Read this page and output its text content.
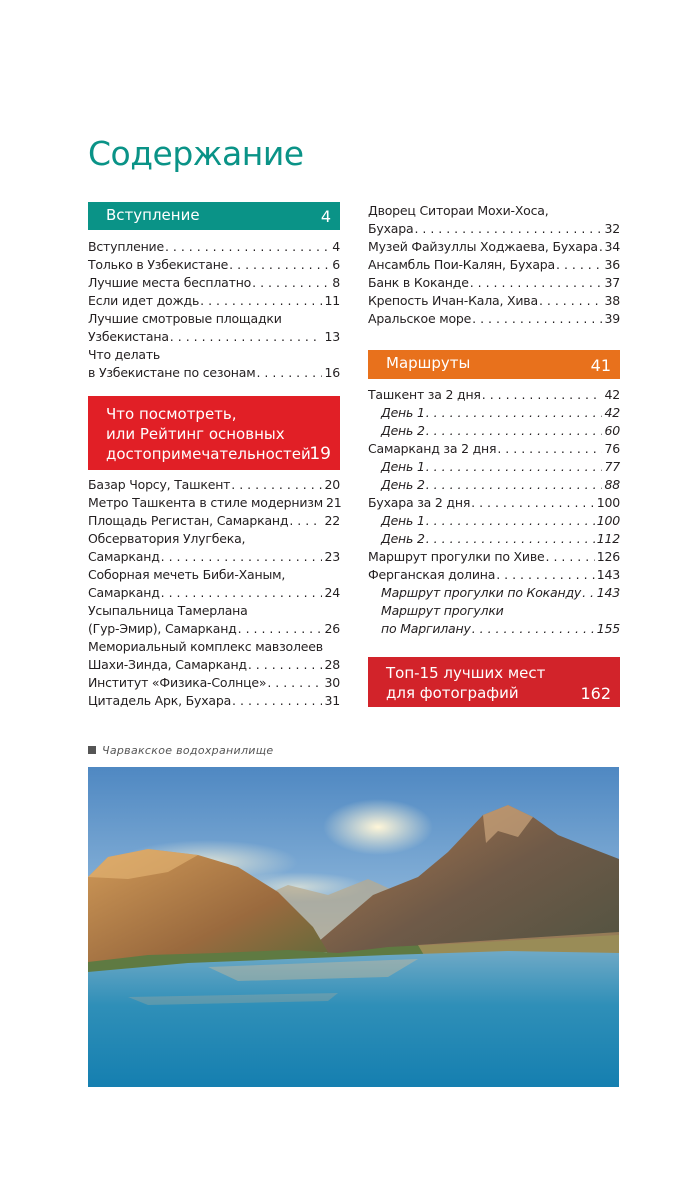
Содержание
Вступление	4
Вступление . . .	4
Только в Узбекистане . . .	6
Лучшие места бесплатно . . .	8
Если идет дождь . . .	11
Лучшие смотровые площадки
Узбекистана . . .	13
Что делать
в Узбекистане по сезонам . . .	16
Что посмотреть,
или Рейтинг основных
достопримечательностей
19
Базар Чорсу, Ташкент . . .	20
Метро Ташкента в стиле модернизм 21
Площадь Регистан, Самарканд . . .	22
Обсерватория Улугбека,
Самарканд . . .	23
Соборная мечеть Биби-Ханым,
Самарканд . . .	24
Усыпальница Тамерлана
(Гур-Эмир), Самарканд . . .	26
Мемориальный комплекс мавзолеев
Шахи-Зинда, Самарканд . . .	28
Институт «Физика-Солнце» . . .	30
Цитадель Арк, Бухара . . .	31
Дворец Ситораи Мохи-Хоса,
Бухара . . .	32
Музей Файзуллы Ходжаева, Бухара . . . 34
Ансамбль Пои-Калян, Бухара . . .	36
Банк в Коканде . . .	37
Крепость Ичан-Кала, Хива . . .	38
Аральское море . . .	39
Маршруты	41
Ташкент за 2 дня . . .	42
День 1 . . .	42
День 2 . . .	60
Самарканд за 2 дня . . .	76
День 1 . . .	77
День 2 . . .	88
Бухара за 2 дня . . .	100
День 1 . . .	100
День 2 . . .	112
Маршрут прогулки по Хиве . . .	126
Ферганская долина . . .	143
Маршрут прогулки по Коканду . . . 143
Маршрут прогулки
по Маргилану . . .	155
Топ-15 лучших мест
для фотографий	162
Чарвакское водохранилище
